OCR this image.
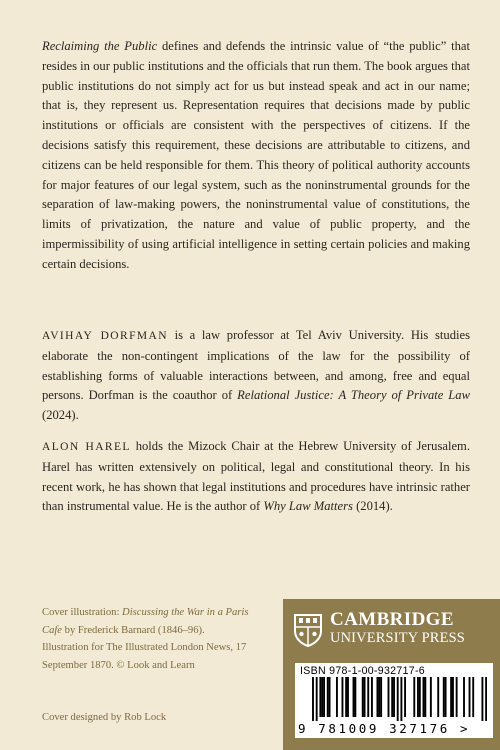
Reclaiming the Public defines and defends the intrinsic value of “the public” that resides in our public institutions and the officials that run them. The book argues that public institutions do not simply act for us but instead speak and act in our name; that is, they represent us. Representation requires that decisions made by public institutions or officials are consistent with the perspectives of citizens. If the decisions satisfy this requirement, these decisions are attributable to citizens, and citizens can be held responsible for them. This theory of political authority accounts for major features of our legal system, such as the noninstrumental grounds for the separation of law-making powers, the noninstrumental value of constitutions, the limits of privatization, the nature and value of public property, and the impermissibility of using artificial intelligence in setting certain policies and making certain decisions.

AVIHAY DORFMAN is a law professor at Tel Aviv University. His studies elaborate the non-contingent implications of the law for the possibility of establishing forms of valuable interactions between, and among, free and equal persons. Dorfman is the coauthor of Relational Justice: A Theory of Private Law (2024).

ALON HAREL holds the Mizock Chair at the Hebrew University of Jerusalem. Harel has written extensively on political, legal and constitutional theory. In his recent work, he has shown that legal institutions and procedures have intrinsic rather than instrumental value. He is the author of Why Law Matters (2014).

Cover illustration: Discussing the War in a Paris Cafe by Frederick Barnard (1846–96). Illustration for The Illustrated London News, 17 September 1870. © Look and Learn

Cover designed by Rob Lock

CAMBRIDGE
UNIVERSITY PRESS
ISBN 978-1-00-932717-6
9 781009 327176 >
